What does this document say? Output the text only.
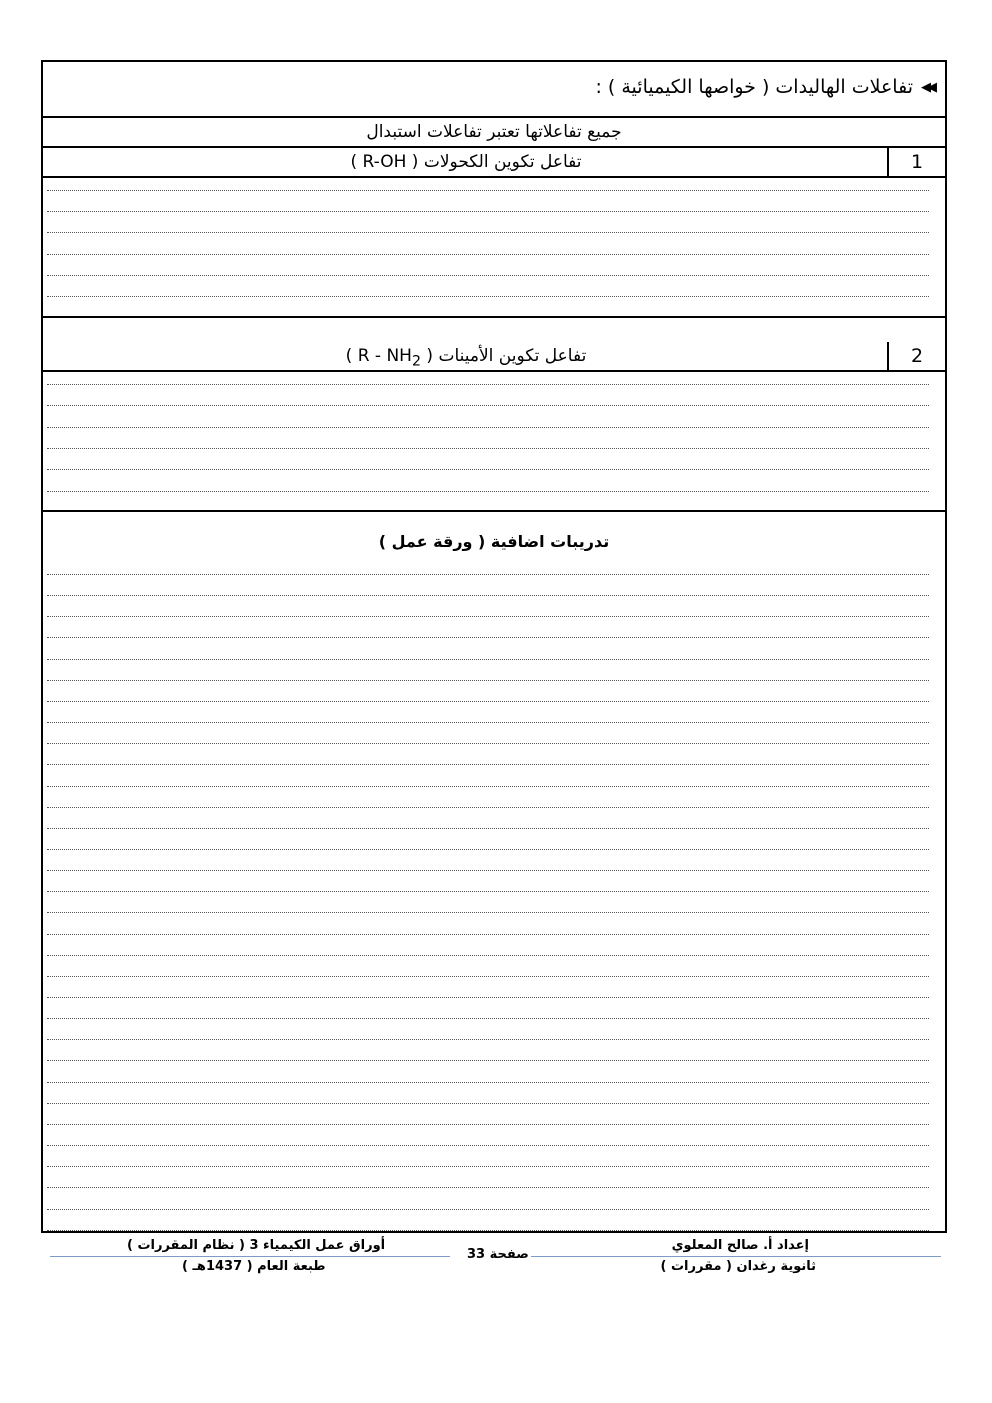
◀◀
تفاعلات الهاليدات ( خواصها الكيميائية ) :
جميع تفاعلاتها تعتبر تفاعلات استبدال
1
تفاعل تكوين الكحولات ( R-OH )
2
تفاعل تكوين الأمينات ( R - $NH_2$ )
تدريبات اضافية ( ورقة عمل )
إعداد أ. صالح المعلوي
ثانوية رغدان ( مقررات )
صفحة 33
أوراق عمل الكيمياء 3 ( نظام المقررات )
طبعة العام ( 1437هـ )
